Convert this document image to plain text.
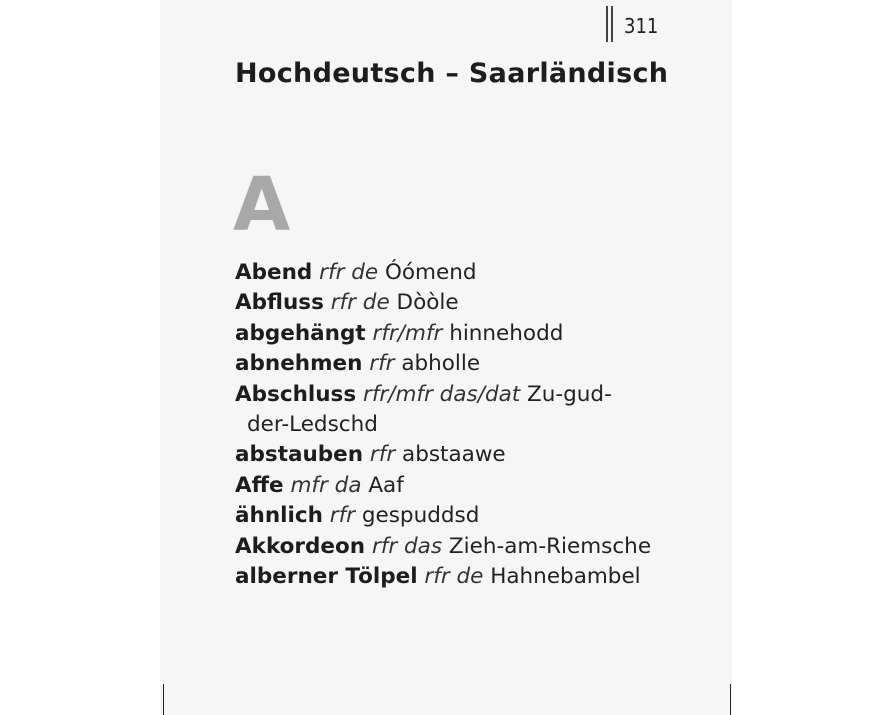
311
Hochdeutsch – Saarländisch
A
Abend rfr de Óómend
Abfluss rfr de Dòòle
abgehängt rfr/mfr hinnehodd
abnehmen rfr abholle
Abschluss rfr/mfr das/dat Zu-gud-
der-Ledschd
abstauben rfr abstaawe
Affe mfr da Aaf
ähnlich rfr gespuddsd
Akkordeon rfr das Zieh-am-Riemsche
alberner Tölpel rfr de Hahnebambel
